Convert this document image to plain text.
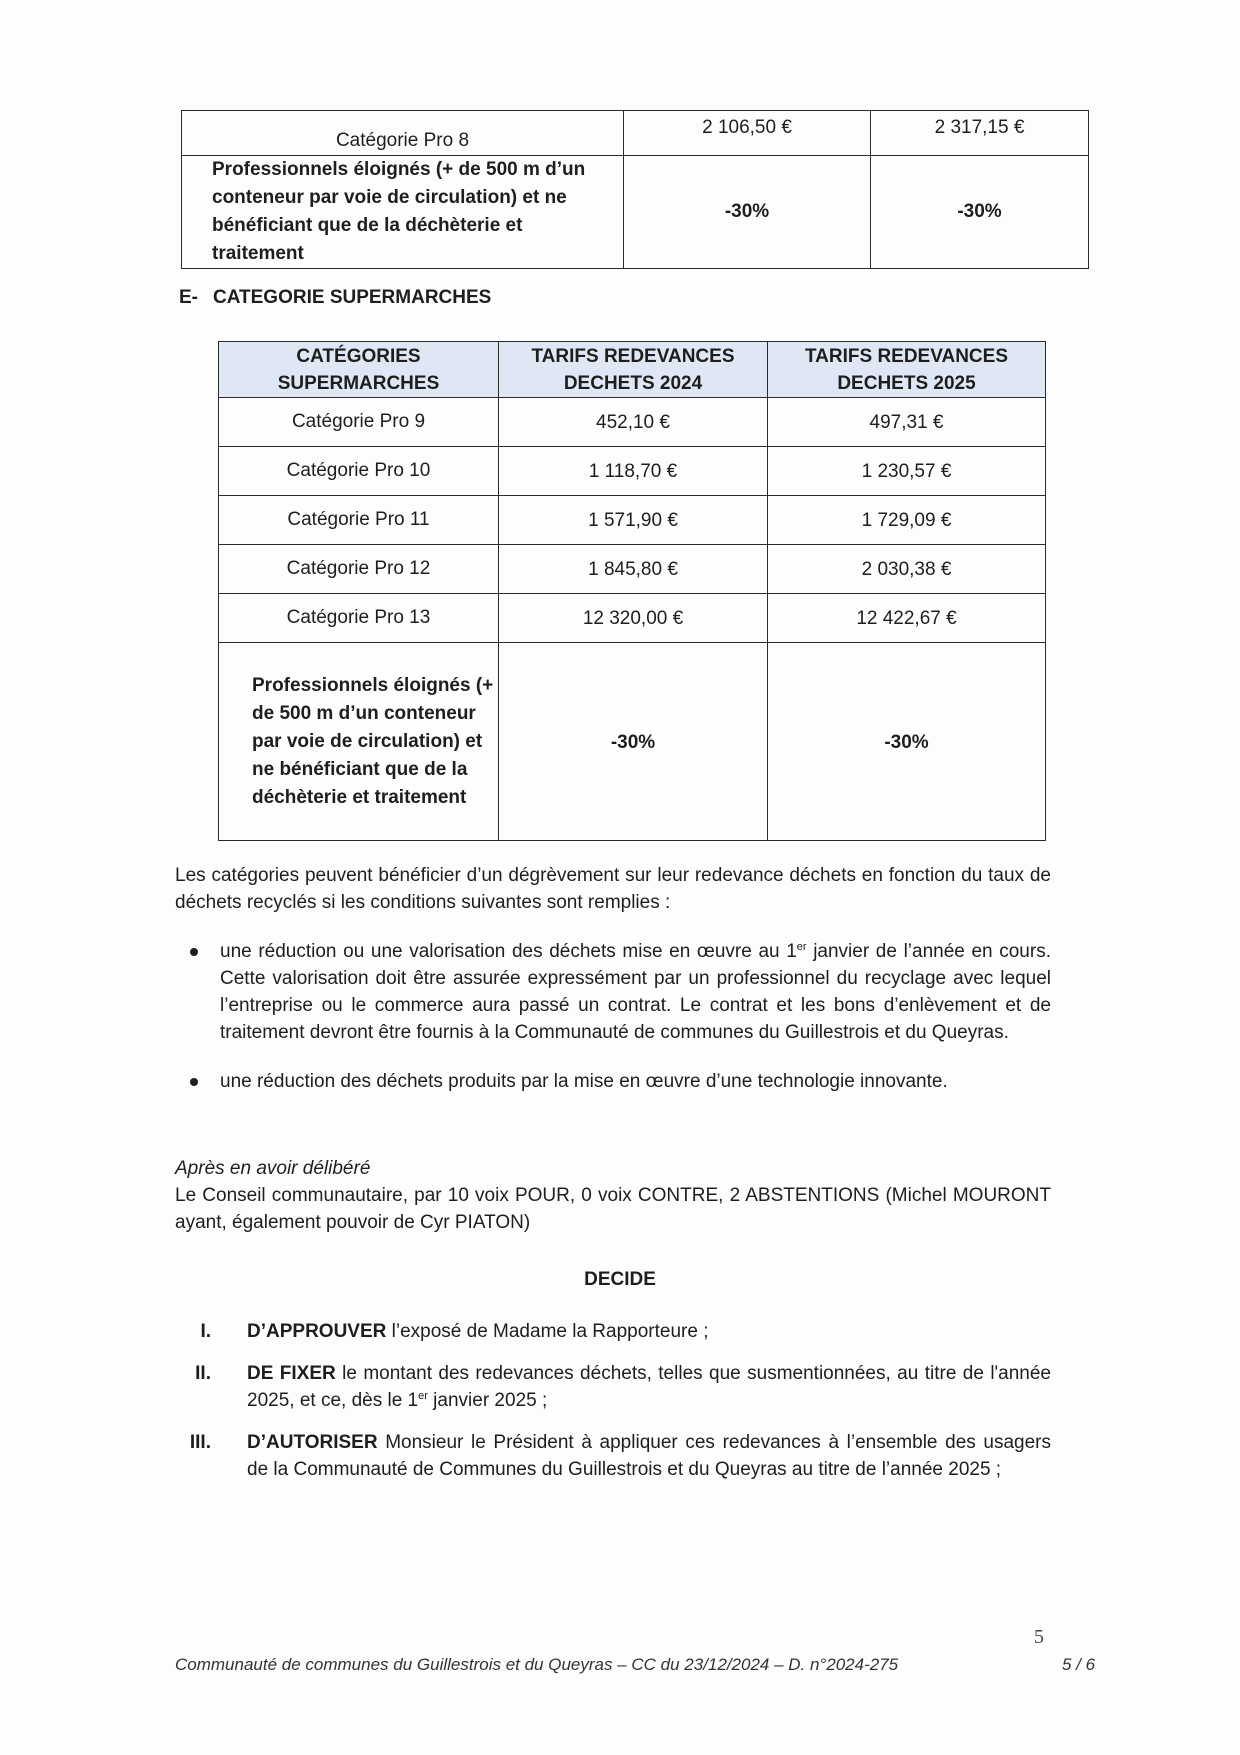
Catégorie Pro 8	2 106,50 €	2 317,15 €
Professionnels éloignés (+ de 500 m d’un conteneur par voie de circulation) et ne bénéficiant que de la déchèterie et traitement	-30%	-30%
E- CATEGORIE SUPERMARCHES
CATÉGORIES SUPERMARCHES	TARIFS REDEVANCES DECHETS 2024	TARIFS REDEVANCES DECHETS 2025
Catégorie Pro 9	452,10 €	497,31 €
Catégorie Pro 10	1 118,70 €	1 230,57 €
Catégorie Pro 11	1 571,90 €	1 729,09 €
Catégorie Pro 12	1 845,80 €	2 030,38 €
Catégorie Pro 13	12 320,00 €	12 422,67 €
Professionnels éloignés (+ de 500 m d’un conteneur par voie de circulation) et ne bénéficiant que de la déchèterie et traitement	-30%	-30%
Les catégories peuvent bénéficier d’un dégrèvement sur leur redevance déchets en fonction du taux de déchets recyclés si les conditions suivantes sont remplies :
une réduction ou une valorisation des déchets mise en œuvre au 1er janvier de l’année en cours. Cette valorisation doit être assurée expressément par un professionnel du recyclage avec lequel l’entreprise ou le commerce aura passé un contrat. Le contrat et les bons d’enlèvement et de traitement devront être fournis à la Communauté de communes du Guillestrois et du Queyras.
une réduction des déchets produits par la mise en œuvre d’une technologie innovante.
Après en avoir délibéré
Le Conseil communautaire, par 10 voix POUR, 0 voix CONTRE, 2 ABSTENTIONS (Michel MOURONT ayant, également pouvoir de Cyr PIATON)
DECIDE
I. D’APPROUVER l’exposé de Madame la Rapporteure ;
II. DE FIXER le montant des redevances déchets, telles que susmentionnées, au titre de l'année 2025, et ce, dès le 1er janvier 2025 ;
III. D’AUTORISER Monsieur le Président à appliquer ces redevances à l’ensemble des usagers de la Communauté de Communes du Guillestrois et du Queyras au titre de l’année 2025 ;
5
Communauté de communes du Guillestrois et du Queyras – CC du 23/12/2024 – D. n°2024-275	5 / 6
